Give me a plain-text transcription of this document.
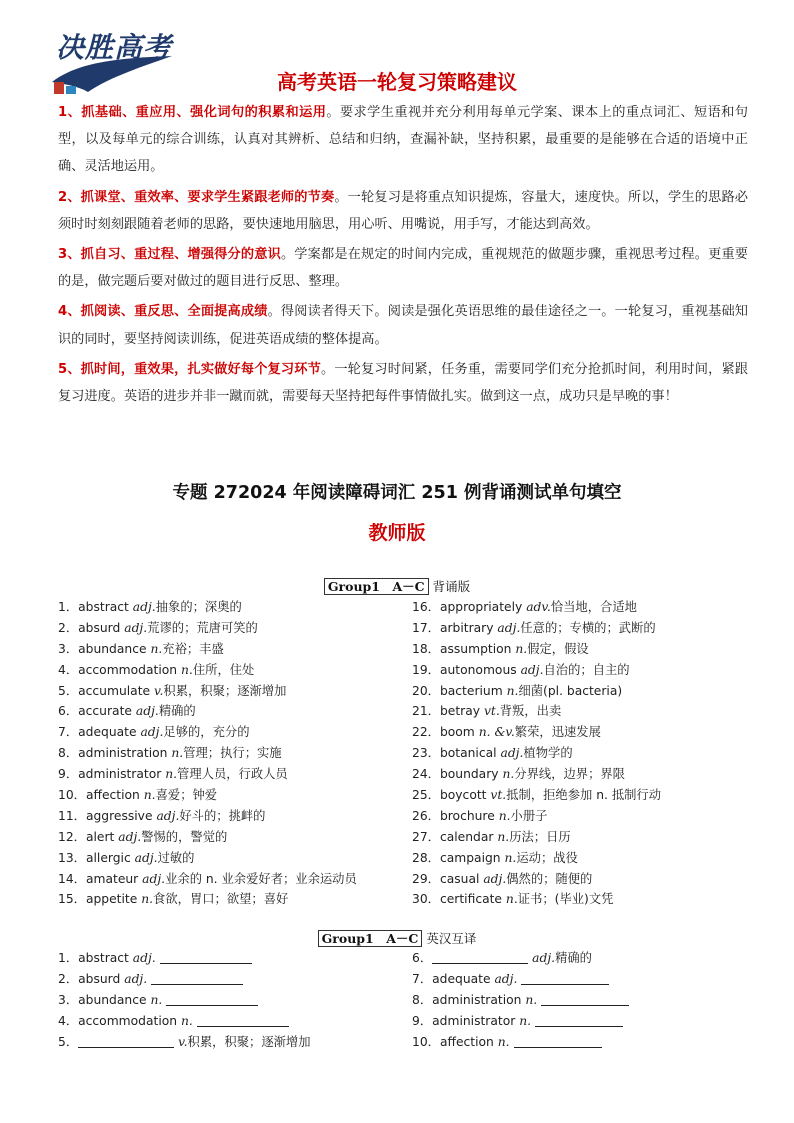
决胜高考
高考英语一轮复习策略建议

1、抓基础、重应用、强化词句的积累和运用。要求学生重视并充分利用每单元学案、课本上的重点词汇、短语和句型，以及每单元的综合训练，认真对其辨析、总结和归纳，查漏补缺，坚持积累，最重要的是能够在合适的语境中正确、灵活地运用。

2、抓课堂、重效率、要求学生紧跟老师的节奏。一轮复习是将重点知识提炼，容量大，速度快。所以，学生的思路必须时时刻刻跟随着老师的思路，要快速地用脑思，用心听、用嘴说，用手写，才能达到高效。

3、抓自习、重过程、增强得分的意识。学案都是在规定的时间内完成，重视规范的做题步骤，重视思考过程。更重要的是，做完题后要对做过的题目进行反思、整理。

4、抓阅读、重反思、全面提高成绩。得阅读者得天下。阅读是强化英语思维的最佳途径之一。一轮复习，重视基础知识的同时，要坚持阅读训练，促进英语成绩的整体提高。

5、抓时间，重效果，扎实做好每个复习环节。一轮复习时间紧，任务重，需要同学们充分抢抓时间，利用时间，紧跟复习进度。英语的进步并非一蹴而就，需要每天坚持把每件事情做扎实。做到这一点，成功只是早晚的事！

专题 272024 年阅读障碍词汇 251 例背诵测试单句填空
教师版
Group1　A－C 背诵版
1．abstract adj.抽象的；深奥的
2．absurd adj.荒谬的；荒唐可笑的
3．abundance n.充裕；丰盛
4．accommodation n.住所，住处
5．accumulate v.积累，积聚；逐渐增加
6．accurate adj.精确的
7．adequate adj.足够的，充分的
8．administration n.管理；执行；实施
9．administrator n.管理人员，行政人员
10．affection n.喜爱；钟爱
11．aggressive adj.好斗的；挑衅的
12．alert adj.警惕的，警觉的
13．allergic adj.过敏的
14．amateur adj.业余的 n. 业余爱好者；业余运动员
15．appetite n.食欲，胃口；欲望；喜好
16．appropriately adv.恰当地，合适地
17．arbitrary adj.任意的；专横的；武断的
18．assumption n.假定，假设
19．autonomous adj.自治的；自主的
20．bacterium n.细菌(pl. bacteria)
21．betray vt.背叛，出卖
22．boom n. &v.繁荣，迅速发展
23．botanical adj.植物学的
24．boundary n.分界线，边界；界限
25．boycott vt.抵制，拒绝参加 n. 抵制行动
26．brochure n.小册子
27．calendar n.历法；日历
28．campaign n.运动；战役
29．casual adj.偶然的；随便的
30．certificate n.证书；(毕业)文凭
Group1　A－C 英汉互译
1．abstract adj.
2．absurd adj.
3．abundance n.
4．accommodation n.
5．	v.积累，积聚；逐渐增加
6．	adj.精确的
7．adequate adj.
8．administration n.
9．administrator n.
10．affection n.
